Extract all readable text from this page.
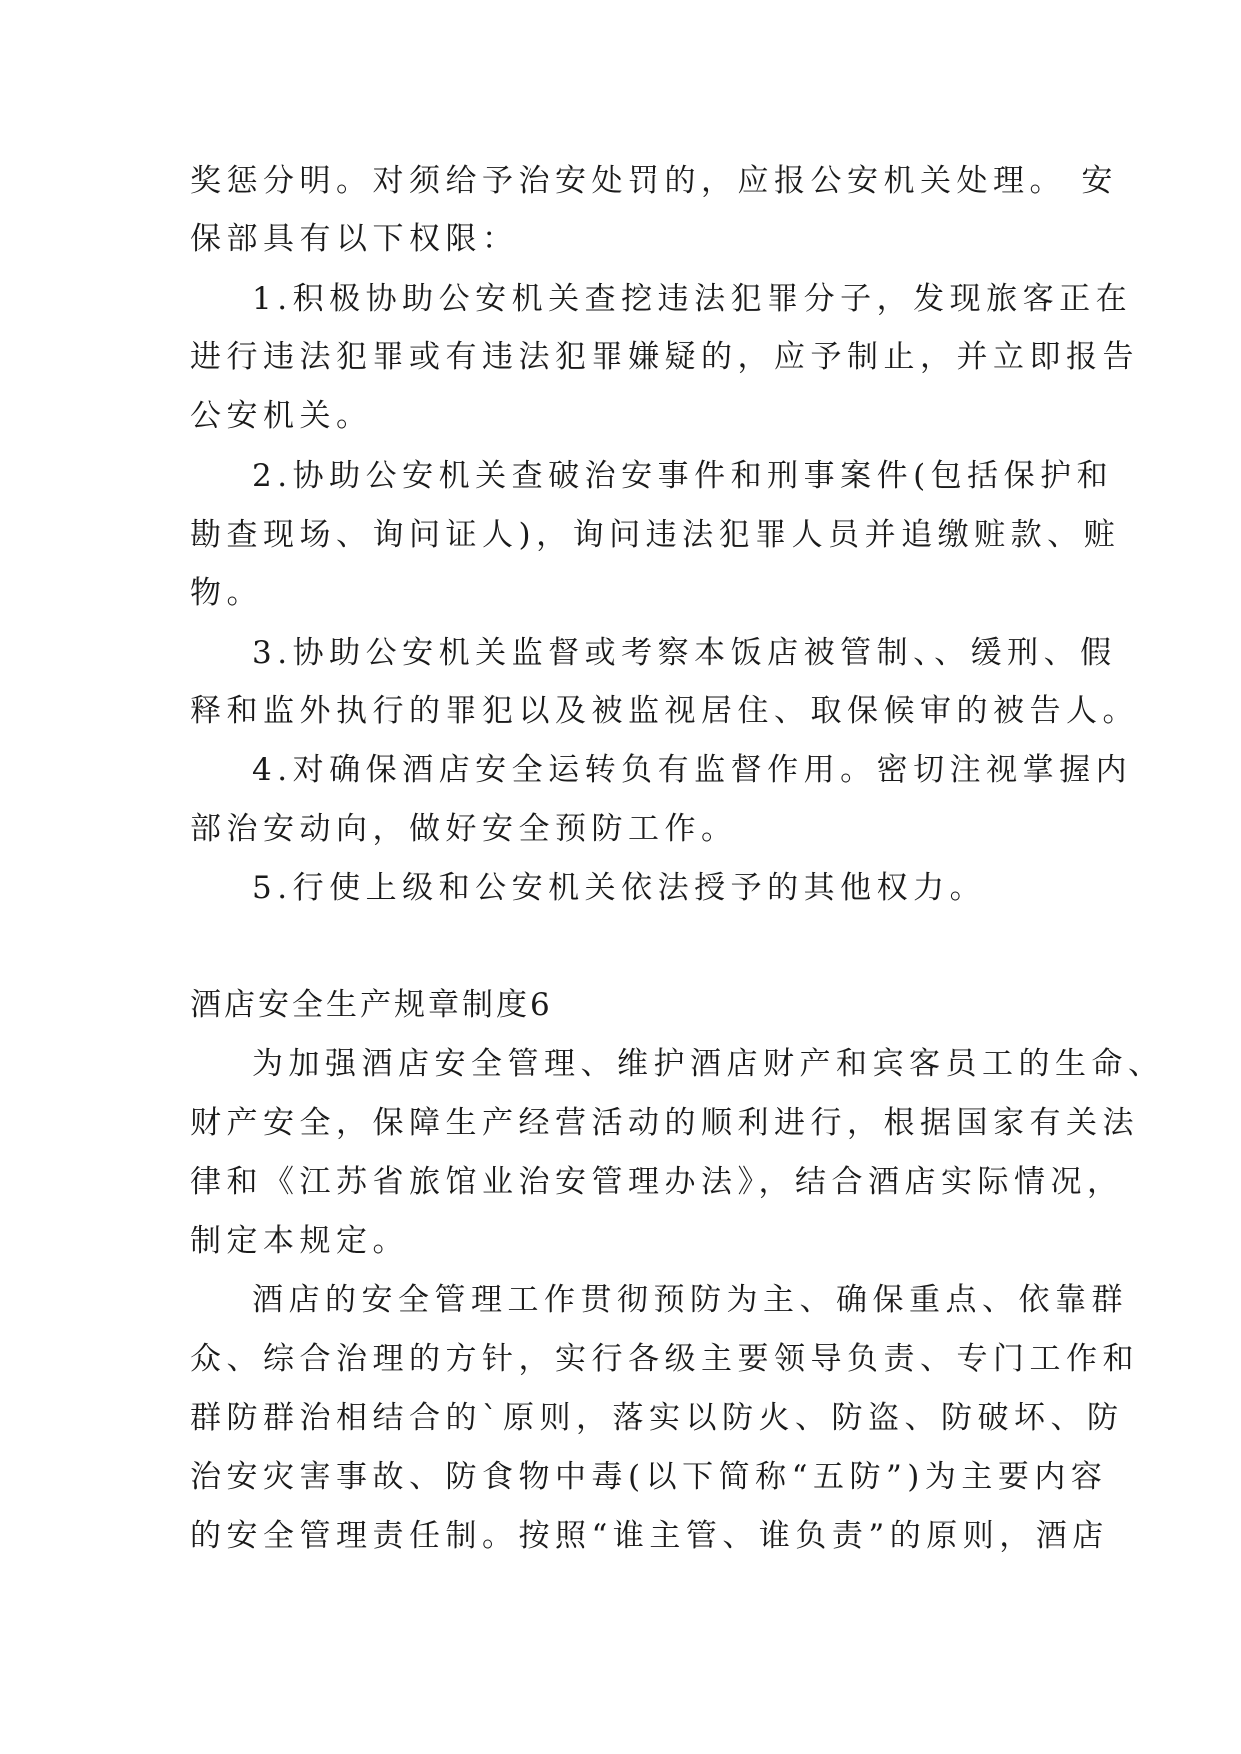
奖惩分明。对须给予治安处罚的，应报公安机关处理。 安
保部具有以下权限：
1.积极协助公安机关查挖违法犯罪分子，发现旅客正在
进行违法犯罪或有违法犯罪嫌疑的，应予制止，并立即报告
公安机关。
2.协助公安机关查破治安事件和刑事案件(包括保护和
勘查现场、询问证人)，询问违法犯罪人员并追缴赃款、赃
物。
3.协助公安机关监督或考察本饭店被管制、、缓刑、假
释和监外执行的罪犯以及被监视居住、取保候审的被告人。
4.对确保酒店安全运转负有监督作用。密切注视掌握内
部治安动向，做好安全预防工作。
5.行使上级和公安机关依法授予的其他权力。
酒店安全生产规章制度6
为加强酒店安全管理、维护酒店财产和宾客员工的生命、
财产安全，保障生产经营活动的顺利进行，根据国家有关法
律和《江苏省旅馆业治安管理办法》，结合酒店实际情况，
制定本规定。
酒店的安全管理工作贯彻预防为主、确保重点、依靠群
众、综合治理的方针，实行各级主要领导负责、专门工作和
群防群治相结合的`原则，落实以防火、防盗、防破坏、防
治安灾害事故、防食物中毒(以下简称“五防”)为主要内容
的安全管理责任制。按照“谁主管、谁负责”的原则，酒店
